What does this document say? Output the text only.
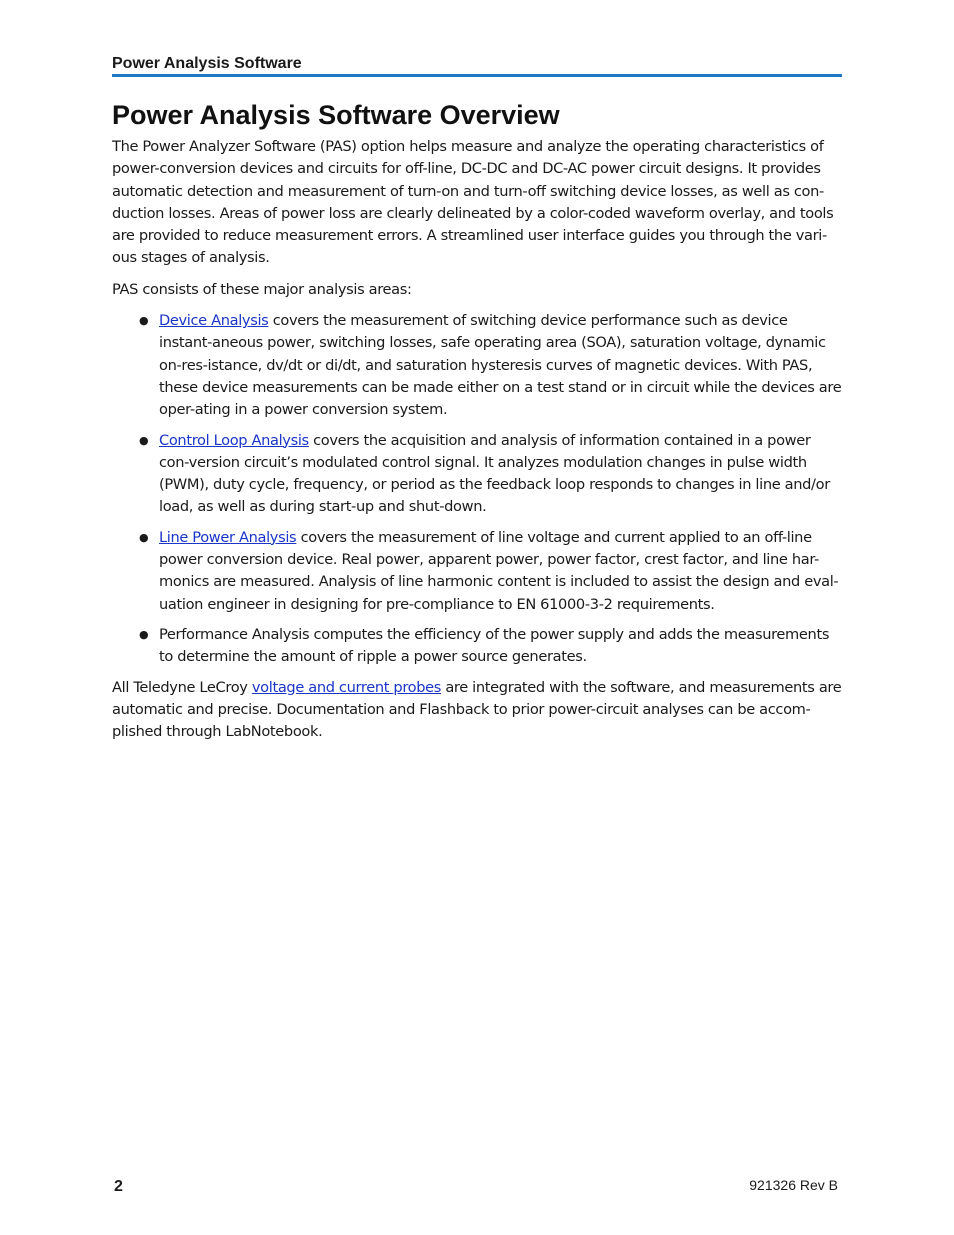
Power Analysis Software
Power Analysis Software Overview

The Power Analyzer Software (PAS) option helps measure and analyze the operating characteristics of power-conversion devices and circuits for off-line, DC-DC and DC-AC power circuit designs. It provides automatic detection and measurement of turn-on and turn-off switching device losses, as well as con-duction losses. Areas of power loss are clearly delineated by a color-coded waveform overlay, and tools are provided to reduce measurement errors. A streamlined user interface guides you through the vari-ous stages of analysis.

PAS consists of these major analysis areas:

● Device Analysis covers the measurement of switching device performance such as device instant-aneous power, switching losses, safe operating area (SOA), saturation voltage, dynamic on-res-istance, dv/dt or di/dt, and saturation hysteresis curves of magnetic devices. With PAS, these device measurements can be made either on a test stand or in circuit while the devices are oper-ating in a power conversion system.
● Control Loop Analysis covers the acquisition and analysis of information contained in a power con-version circuit’s modulated control signal. It analyzes modulation changes in pulse width (PWM), duty cycle, frequency, or period as the feedback loop responds to changes in line and/or load, as well as during start-up and shut-down.
● Line Power Analysis covers the measurement of line voltage and current applied to an off-line power conversion device. Real power, apparent power, power factor, crest factor, and line har-monics are measured. Analysis of line harmonic content is included to assist the design and eval-uation engineer in designing for pre-compliance to EN 61000-3-2 requirements.
● Performance Analysis computes the efficiency of the power supply and adds the measurements to determine the amount of ripple a power source generates.

All Teledyne LeCroy voltage and current probes are integrated with the software, and measurements are automatic and precise. Documentation and Flashback to prior power-circuit analyses can be accom-plished through LabNotebook.

2	921326 Rev B
